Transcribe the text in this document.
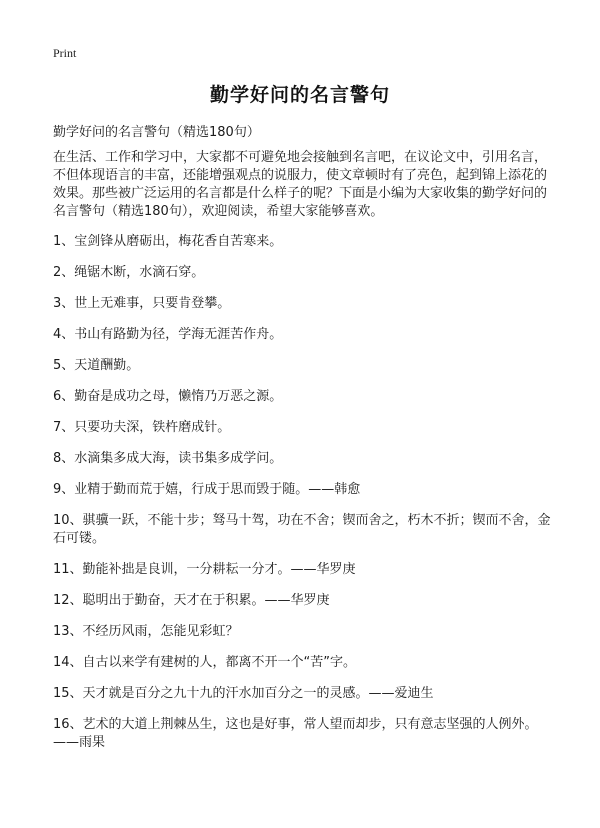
Print
勤学好问的名言警句
勤学好问的名言警句（精选180句）
在生活、工作和学习中，大家都不可避免地会接触到名言吧，在议论文中，引用名言，不但体现语言的丰富，还能增强观点的说服力，使文章顿时有了亮色，起到锦上添花的效果。那些被广泛运用的名言都是什么样子的呢？下面是小编为大家收集的勤学好问的名言警句（精选180句），欢迎阅读，希望大家能够喜欢。
1、宝剑锋从磨砺出，梅花香自苦寒来。
2、绳锯木断，水滴石穿。
3、世上无难事，只要肯登攀。
4、书山有路勤为径，学海无涯苦作舟。
5、天道酬勤。
6、勤奋是成功之母，懒惰乃万恶之源。
7、只要功夫深，铁杵磨成针。
8、水滴集多成大海，读书集多成学问。
9、业精于勤而荒于嬉，行成于思而毁于随。——韩愈
10、骐骥一跃，不能十步；驽马十驾，功在不舍；锲而舍之，朽木不折；锲而不舍，金石可镂。
11、勤能补拙是良训，一分耕耘一分才。——华罗庚
12、聪明出于勤奋，天才在于积累。——华罗庚
13、不经历风雨，怎能见彩虹？
14、自古以来学有建树的人，都离不开一个“苦”字。
15、天才就是百分之九十九的汗水加百分之一的灵感。——爱迪生
16、艺术的大道上荆棘丛生，这也是好事，常人望而却步，只有意志坚强的人例外。——雨果
